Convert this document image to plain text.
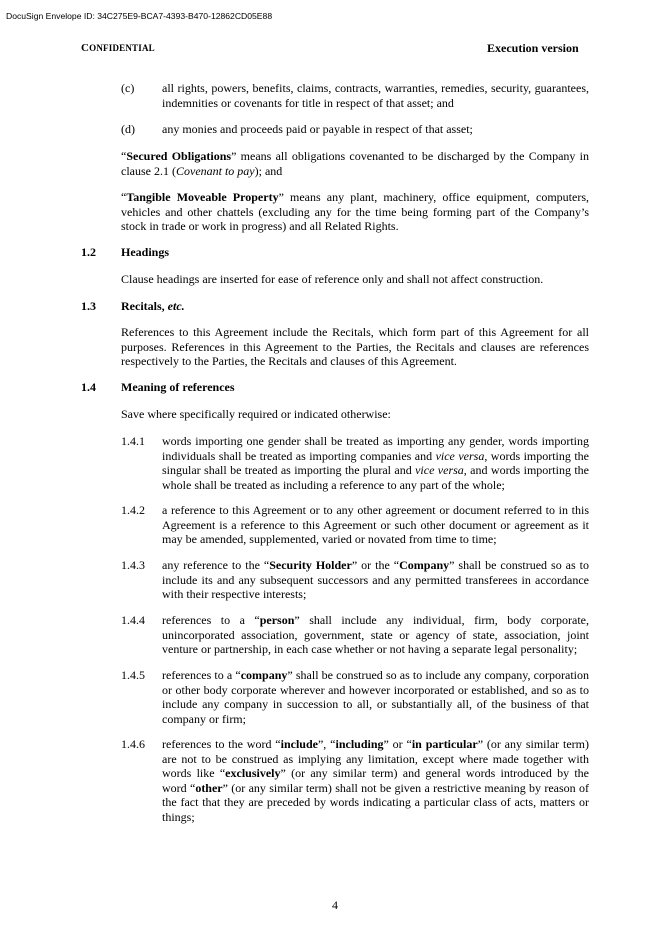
DocuSign Envelope ID: 34C275E9-BCA7-4393-B470-12862CD05E88
CONFIDENTIAL	Execution version
(c) all rights, powers, benefits, claims, contracts, warranties, remedies, security, guarantees, indemnities or covenants for title in respect of that asset; and
(d) any monies and proceeds paid or payable in respect of that asset;
“Secured Obligations” means all obligations covenanted to be discharged by the Company in clause 2.1 (Covenant to pay); and
“Tangible Moveable Property” means any plant, machinery, office equipment, computers, vehicles and other chattels (excluding any for the time being forming part of the Company’s stock in trade or work in progress) and all Related Rights.
1.2 Headings
Clause headings are inserted for ease of reference only and shall not affect construction.
1.3 Recitals, etc.
References to this Agreement include the Recitals, which form part of this Agreement for all purposes. References in this Agreement to the Parties, the Recitals and clauses are references respectively to the Parties, the Recitals and clauses of this Agreement.
1.4 Meaning of references
Save where specifically required or indicated otherwise:
1.4.1 words importing one gender shall be treated as importing any gender, words importing individuals shall be treated as importing companies and vice versa, words importing the singular shall be treated as importing the plural and vice versa, and words importing the whole shall be treated as including a reference to any part of the whole;
1.4.2 a reference to this Agreement or to any other agreement or document referred to in this Agreement is a reference to this Agreement or such other document or agreement as it may be amended, supplemented, varied or novated from time to time;
1.4.3 any reference to the “Security Holder” or the “Company” shall be construed so as to include its and any subsequent successors and any permitted transferees in accordance with their respective interests;
1.4.4 references to a “person” shall include any individual, firm, body corporate, unincorporated association, government, state or agency of state, association, joint venture or partnership, in each case whether or not having a separate legal personality;
1.4.5 references to a “company” shall be construed so as to include any company, corporation or other body corporate wherever and however incorporated or established, and so as to include any company in succession to all, or substantially all, of the business of that company or firm;
1.4.6 references to the word “include”, “including” or “in particular” (or any similar term) are not to be construed as implying any limitation, except where made together with words like “exclusively” (or any similar term) and general words introduced by the word “other” (or any similar term) shall not be given a restrictive meaning by reason of the fact that they are preceded by words indicating a particular class of acts, matters or things;
4
